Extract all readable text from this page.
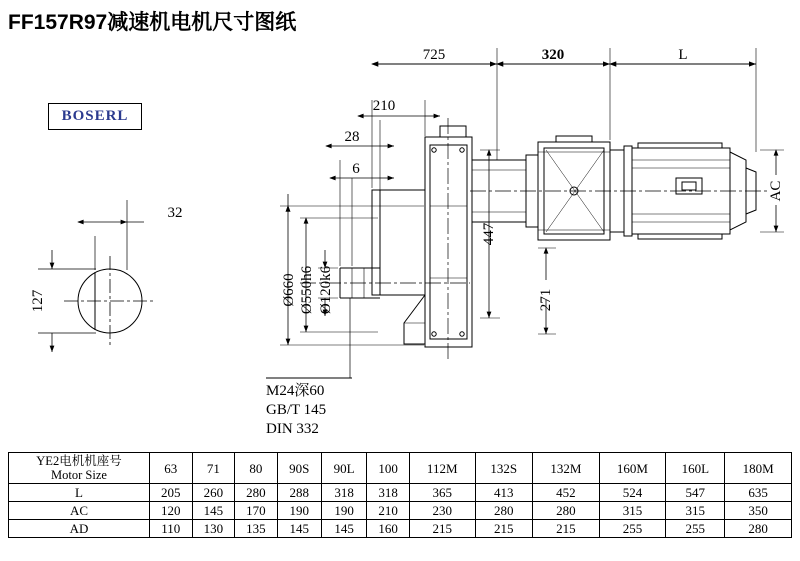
FF157R97减速机电机尺寸图纸
BOSERL
725	320	L
210
28
6
Ø660 Ø550h6 Ø120k6
447
271
AC
32
127
M24深60
GB/T 145
DIN 332
YE2电机机座号
Motor Size	63	71	80	90S	90L	100	112M	132S	132M	160M	160L	180M
L	205	260	280	288	318	318	365	413	452	524	547	635
AC	120	145	170	190	190	210	230	280	280	315	315	350
AD	110	130	135	145	145	160	215	215	215	255	255	280
